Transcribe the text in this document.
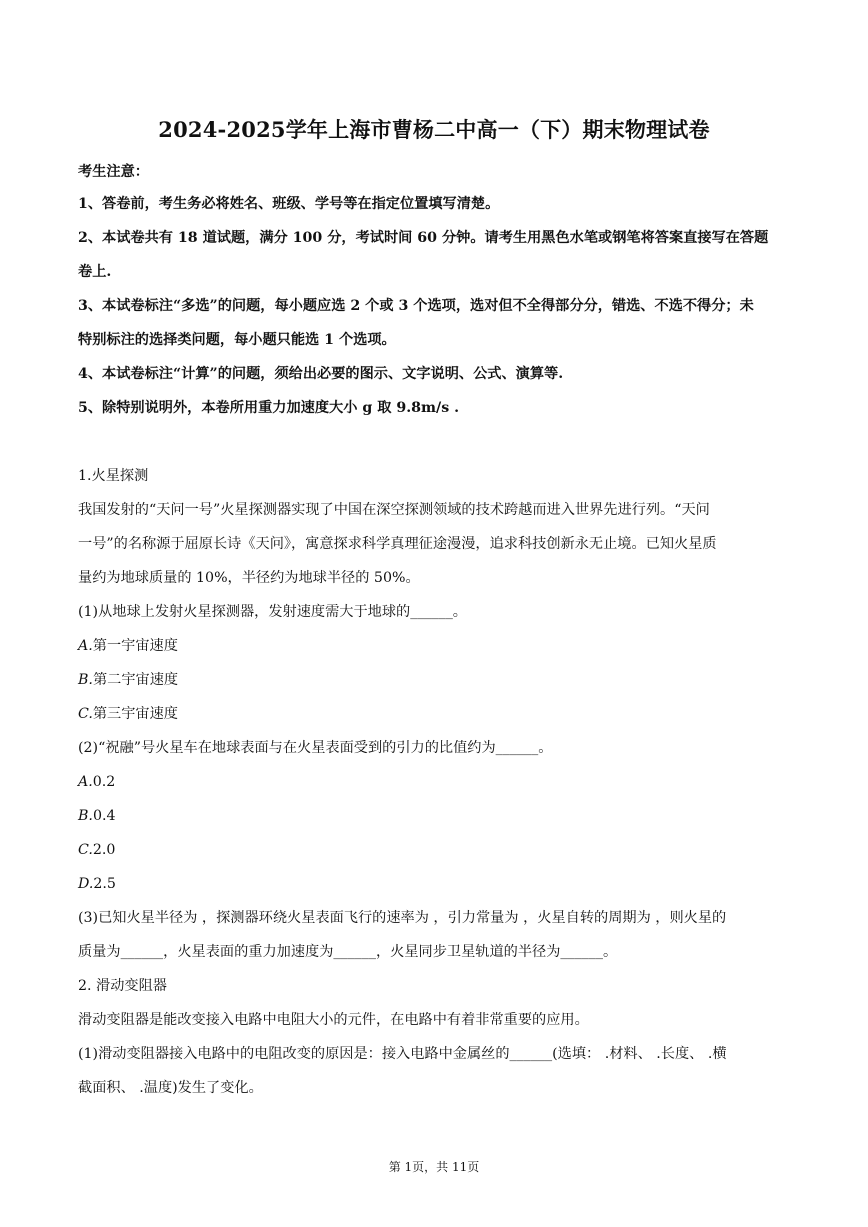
2024-2025学年上海市曹杨二中高一（下）期末物理试卷
考生注意：
1、答卷前，考生务必将姓名、班级、学号等在指定位置填写清楚。
2、本试卷共有 18 道试题，满分 100 分，考试时间 60 分钟。请考生用黑色水笔或钢笔将答案直接写在答题
卷上.
3、本试卷标注“多选”的问题，每小题应选 2 个或 3 个选项，选对但不全得部分分，错选、不选不得分；未
特别标注的选择类问题，每小题只能选 1 个选项。
4、本试卷标注“计算”的问题，须给出必要的图示、文字说明、公式、演算等.
5、除特别说明外，本卷所用重力加速度大小 g 取 9.8m/s .
1.火星探测
我国发射的“天问一号”火星探测器实现了中国在深空探测领域的技术跨越而进入世界先进行列。“天问
一号”的名称源于屈原长诗《天问》，寓意探求科学真理征途漫漫，追求科技创新永无止境。已知火星质
量约为地球质量的 10%，半径约为地球半径的 50%。
(1)从地球上发射火星探测器，发射速度需大于地球的______。
A.第一宇宙速度
B.第二宇宙速度
C.第三宇宙速度
(2)“祝融”号火星车在地球表面与在火星表面受到的引力的比值约为______。
A.0.2
B.0.4
C.2.0
D.2.5
(3)已知火星半径为 ，探测器环绕火星表面飞行的速率为 ，引力常量为 ，火星自转的周期为 ，则火星的
质量为______，火星表面的重力加速度为______，火星同步卫星轨道的半径为______。
2. 滑动变阻器
滑动变阻器是能改变接入电路中电阻大小的元件，在电路中有着非常重要的应用。
(1)滑动变阻器接入电路中的电阻改变的原因是：接入电路中金属丝的______(选填： .材料、 .长度、 .横
截面积、 .温度)发生了变化。
第 1页，共 11页
